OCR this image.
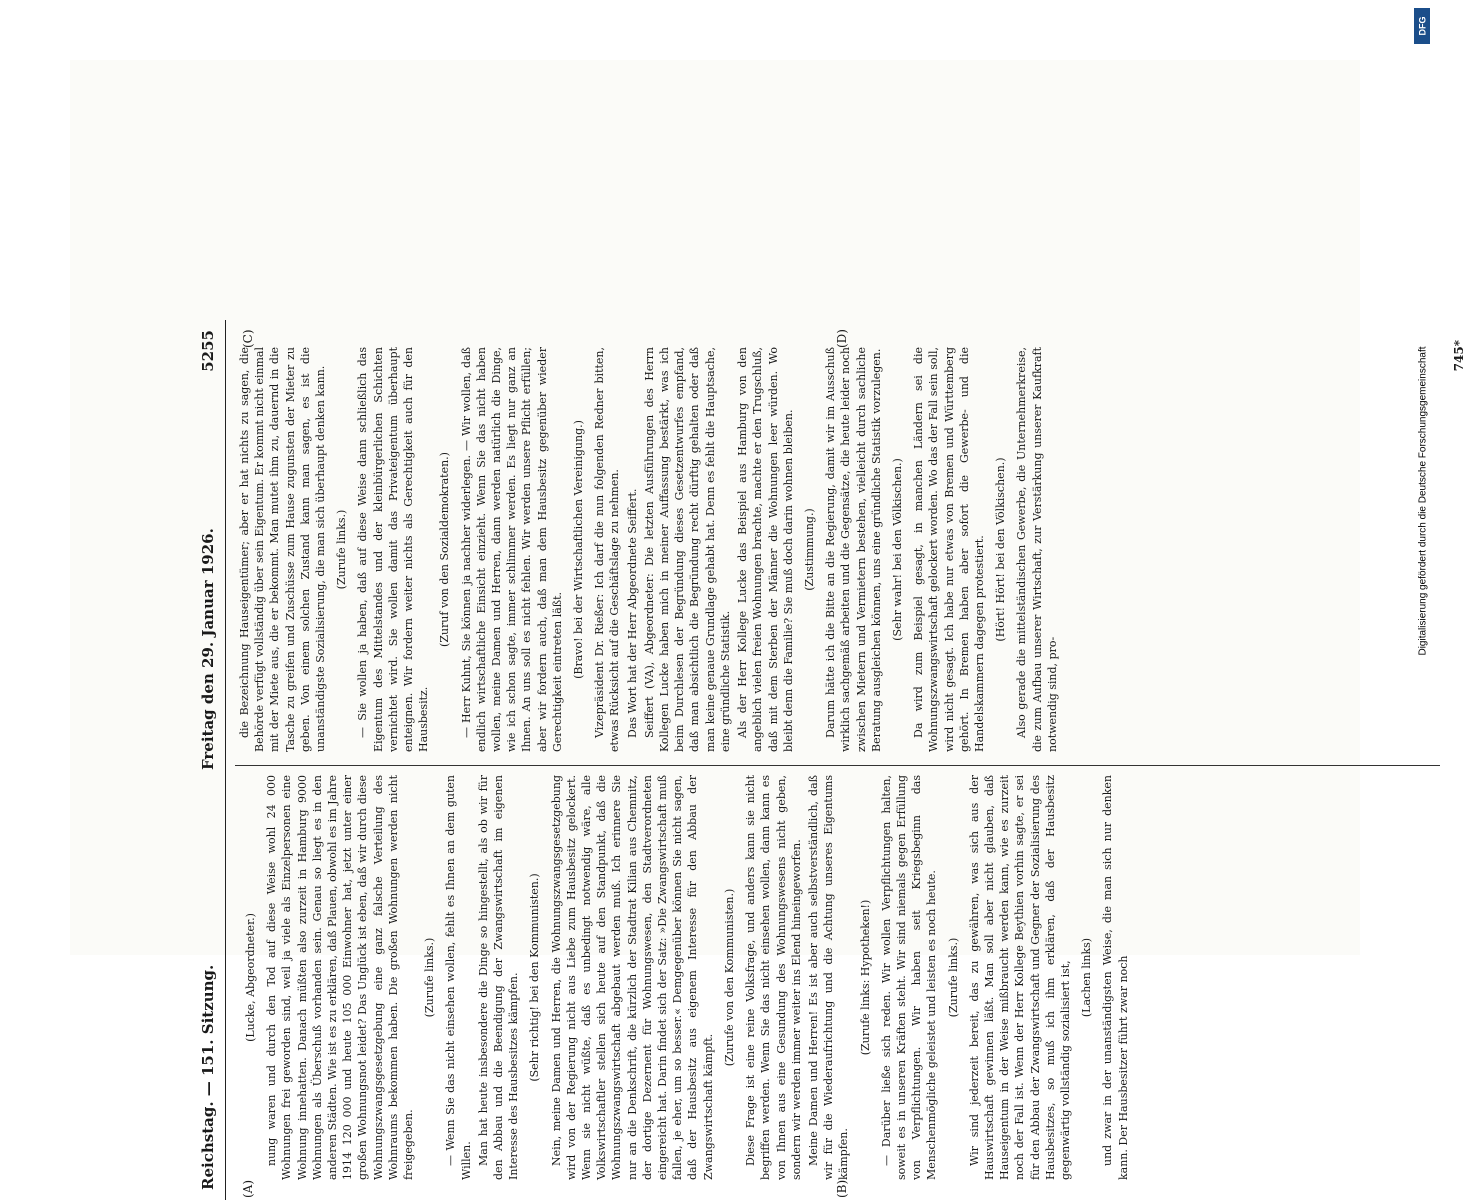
Reichstag. — 151. Sitzung.
Freitag den 29. Januar 1926.
5255
(A)	(B)
(C)	(D)

(Lucke, Abgeordneter.) nung waren und durch den Tod auf diese Weise wohl 24 000 Wohnungen frei geworden sind, weil ja viele als Einzelpersonen eine Wohnung innehatten. Danach müßten also zurzeit in Hamburg 9000 Wohnungen als Überschuß vorhanden sein. Genau so liegt es in den anderen Städten. Wie ist es zu erklären, daß Plauen, obwohl es im Jahre 1914 120 000 und heute 105 000 Einwohner hat, jetzt unter einer großen Wohnungsnot leidet? Das Unglück ist eben, daß wir durch diese Wohnungszwangsgesetzgebung eine ganz falsche Verteilung des Wohnraums bekommen haben. Die großen Wohnungen werden nicht freigegeben.

(Zurufe links.) — Wenn Sie das nicht einsehen wollen, fehlt es Ihnen an dem guten Willen. Man hat heute insbesondere die Dinge so hingestellt, als ob wir für den Abbau und die Beendigung der Zwangswirtschaft im eigenen Interesse des Hausbesitzes kämpfen. (Sehr richtig! bei den Kommunisten.) Nein, meine Damen und Herren, die Wohnungszwangsgesetzgebung wird von der Regierung nicht aus Liebe zum Hausbesitz gelockert. Wenn sie nicht wüßte, daß es unbedingt notwendig wäre, alle Volkswirtschaftler stellen sich heute auf den Standpunkt, daß die Wohnungszwangswirtschaft abgebaut werden muß. Ich erinnere Sie nur an die Denkschrift, die kürzlich der Stadtrat Kilian aus Chemnitz, der dortige Dezernent für Wohnungswesen, den Stadtverordneten eingereicht hat. Darin findet sich der Satz: »Die Zwangswirtschaft muß fallen, je eher, um so besser.« Demgegenüber können Sie nicht sagen, daß der Hausbesitz aus eigenem Interesse für den Abbau der Zwangswirtschaft kämpft.

(Zurufe von den Kommunisten.) Diese Frage ist eine reine Volksfrage, und anders kann sie nicht begriffen werden. Wenn Sie das nicht einsehen wollen, dann kann es von Ihnen aus eine Gesundung des Wohnungswesens nicht geben, sondern wir werden immer weiter ins Elend hineingeworfen. Meine Damen und Herren! Es ist aber auch selbstverständlich, daß wir für die Wiederaufrichtung und die Achtung unseres Eigentums kämpfen.

(Zurufe links: Hypotheken!) — Darüber ließe sich reden. Wir wollen Verpflichtungen halten, soweit es in unseren Kräften steht. Wir sind niemals gegen Erfüllung von Verpflichtungen. Wir haben seit Kriegsbeginn das Menschenmögliche geleistet und leisten es noch heute. (Zurufe links.) Wir sind jederzeit bereit, das zu gewähren, was sich aus der Hauswirtschaft gewinnen läßt. Man soll aber nicht glauben, daß Hauseigentum in der Weise mißbraucht werden kann, wie es zurzeit noch der Fall ist. Wenn der Herr Kollege Beythien vorhin sagte, er sei für den Abbau der Zwangswirtschaft und Gegner der Sozialisierung des Hausbesitzes, so muß ich ihm erklären, daß der Hausbesitz gegenwärtig vollständig sozialisiert ist, (Lachen links) und zwar in der unanständigsten Weise, die man sich nur denken kann. Der Hausbesitzer führt zwar noch

die Bezeichnung Hauseigentümer; aber er hat nichts zu sagen, die Behörde verfügt vollständig über sein Eigentum. Er kommt nicht einmal mit der Miete aus, die er bekommt. Man mutet ihm zu, dauernd in die Tasche zu greifen und Zuschüsse zum Hause zugunsten der Mieter zu geben. Von einem solchen Zustand kann man sagen, es ist die unanständigste Sozialisierung, die man sich überhaupt denken kann. (Zurufe links.) — Sie wollen ja haben, daß auf diese Weise dann schließlich das Eigentum des Mittelstandes und der kleinbürgerlichen Schichten vernichtet wird. Sie wollen damit das Privateigentum überhaupt enteignen. Wir fordern weiter nichts als Gerechtigkeit auch für den Hausbesitz.

(Zuruf von den Sozialdemokraten.) — Herr Kuhnt, Sie können ja nachher widerlegen. — Wir wollen, daß endlich wirtschaftliche Einsicht einzieht. Wenn Sie das nicht haben wollen, meine Damen und Herren, dann werden natürlich die Dinge, wie ich schon sagte, immer schlimmer werden. Es liegt nur ganz an Ihnen. An uns soll es nicht fehlen. Wir werden unsere Pflicht erfüllen; aber wir fordern auch, daß man dem Hausbesitz gegenüber wieder Gerechtigkeit eintreten läßt. (Bravo! bei der Wirtschaftlichen Vereinigung.) Vizepräsident Dr. Rießer: Ich darf die nun folgenden Redner bitten, etwas Rücksicht auf die Geschäftslage zu nehmen. Das Wort hat der Herr Abgeordnete Seiffert. Seiffert (VA), Abgeordneter: Die letzten Ausführungen des Herrn Kollegen Lucke haben mich in meiner Auffassung bestärkt, was ich beim Durchlesen der Begründung dieses Gesetzentwurfes empfand, daß man absichtlich die Begründung recht dürftig gehalten oder daß man keine genaue Grundlage gehabt hat. Denn es fehlt die Hauptsache, eine gründliche Statistik. Als der Herr Kollege Lucke das Beispiel aus Hamburg von den angeblich vielen freien Wohnungen brachte, machte er den Trugschluß, daß mit dem Sterben der Männer die Wohnungen leer würden. Wo bleibt denn die Familie? Sie muß doch darin wohnen bleiben. (Zustimmung.) Darum hätte ich die Bitte an die Regierung, damit wir im Ausschuß wirklich sachgemäß arbeiten und die Gegensätze, die heute leider noch zwischen Mietern und Vermietern bestehen, vielleicht durch sachliche Beratung ausgleichen können, uns eine gründliche Statistik vorzulegen. (Sehr wahr! bei den Völkischen.) Da wird zum Beispiel gesagt, in manchen Ländern sei die Wohnungszwangswirtschaft gelockert worden. Wo das der Fall sein soll, wird nicht gesagt. Ich habe nur etwas von Bremen und Württemberg gehört. In Bremen haben aber sofort die Gewerbe- und die Handelskammern dagegen protestiert. (Hört! Hört! bei den Völkischen.) Also gerade die mittelständischen Gewerbe, die Unternehmerkreise, die zum Aufbau unserer Wirtschaft, zur Verstärkung unserer Kaufkraft notwendig sind, pro-

745*
DFG
Digitalisierung gefördert durch die Deutsche Forschungsgemeinschaft
